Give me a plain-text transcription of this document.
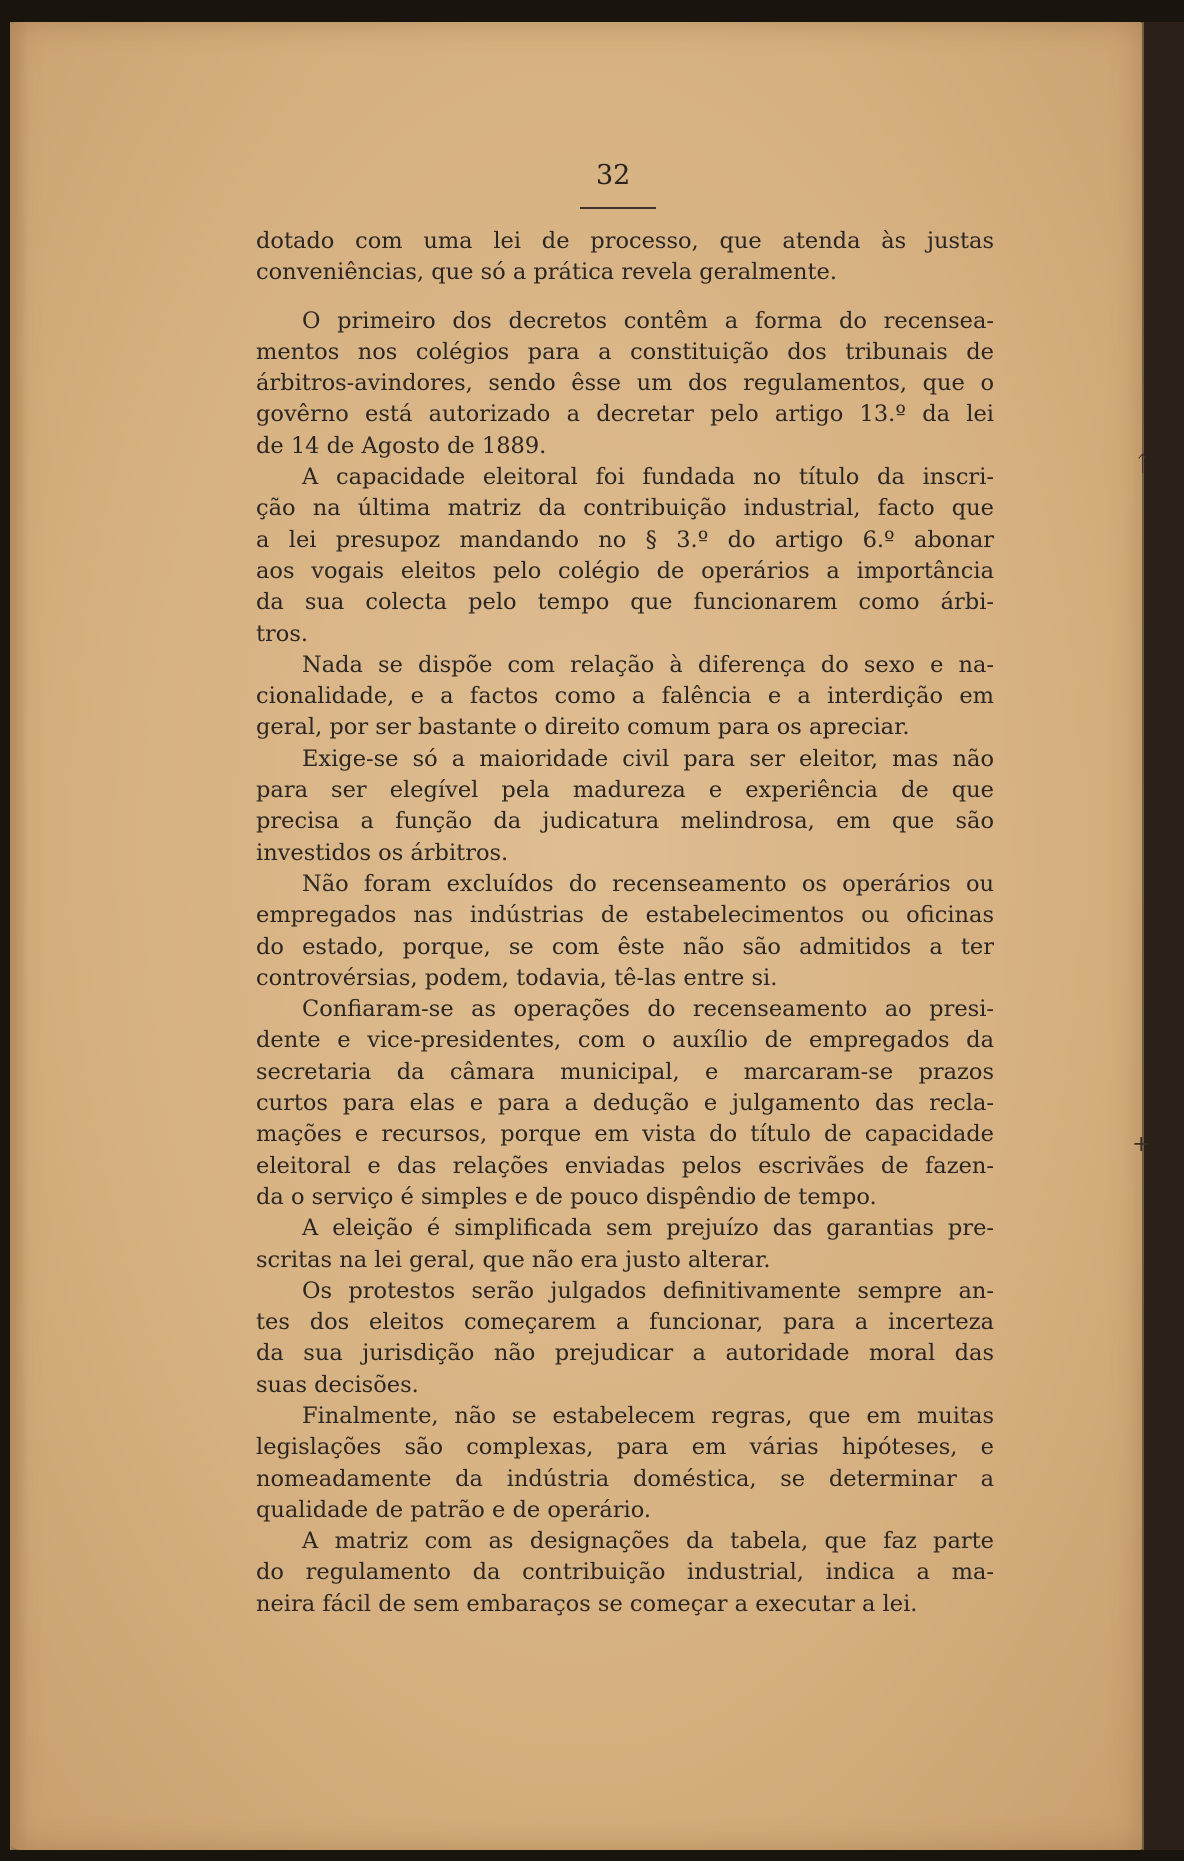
32
dotado com uma lei de processo, que atenda às justas
conveniências, que só a prática revela geralmente.
O primeiro dos decretos contêm a forma do recensea-
mentos nos colégios para a constituição dos tribunais de
árbitros-avindores, sendo êsse um dos regulamentos, que o
govêrno está autorizado a decretar pelo artigo 13.º da lei
de 14 de Agosto de 1889.
A capacidade eleitoral foi fundada no título da inscri-
ção na última matriz da contribuição industrial, facto que
a lei presupoz mandando no § 3.º do artigo 6.º abonar
aos vogais eleitos pelo colégio de operários a importância
da sua colecta pelo tempo que funcionarem como árbi-
tros.
Nada se dispõe com relação à diferença do sexo e na-
cionalidade, e a factos como a falência e a interdição em
geral, por ser bastante o direito comum para os apreciar.
Exige-se só a maioridade civil para ser eleitor, mas não
para ser elegível pela madureza e experiência de que
precisa a função da judicatura melindrosa, em que são
investidos os árbitros.
Não foram excluídos do recenseamento os operários ou
empregados nas indústrias de estabelecimentos ou oficinas
do estado, porque, se com êste não são admitidos a ter
controvérsias, podem, todavia, tê-las entre si.
Confiaram-se as operações do recenseamento ao presi-
dente e vice-presidentes, com o auxílio de empregados da
secretaria da câmara municipal, e marcaram-se prazos
curtos para elas e para a dedução e julgamento das recla-
mações e recursos, porque em vista do título de capacidade
eleitoral e das relações enviadas pelos escrivães de fazen-
da o serviço é simples e de pouco dispêndio de tempo.
A eleição é simplificada sem prejuízo das garantias pre-
scritas na lei geral, que não era justo alterar.
Os protestos serão julgados definitivamente sempre an-
tes dos eleitos começarem a funcionar, para a incerteza
da sua jurisdição não prejudicar a autoridade moral das
suas decisões.
Finalmente, não se estabelecem regras, que em muitas
legislações são complexas, para em várias hipóteses, e
nomeadamente da indústria doméstica, se determinar a
qualidade de patrão e de operário.
A matriz com as designações da tabela, que faz parte
do regulamento da contribuição industrial, indica a ma-
neira fácil de sem embaraços se começar a executar a lei.
ᛏ
+
